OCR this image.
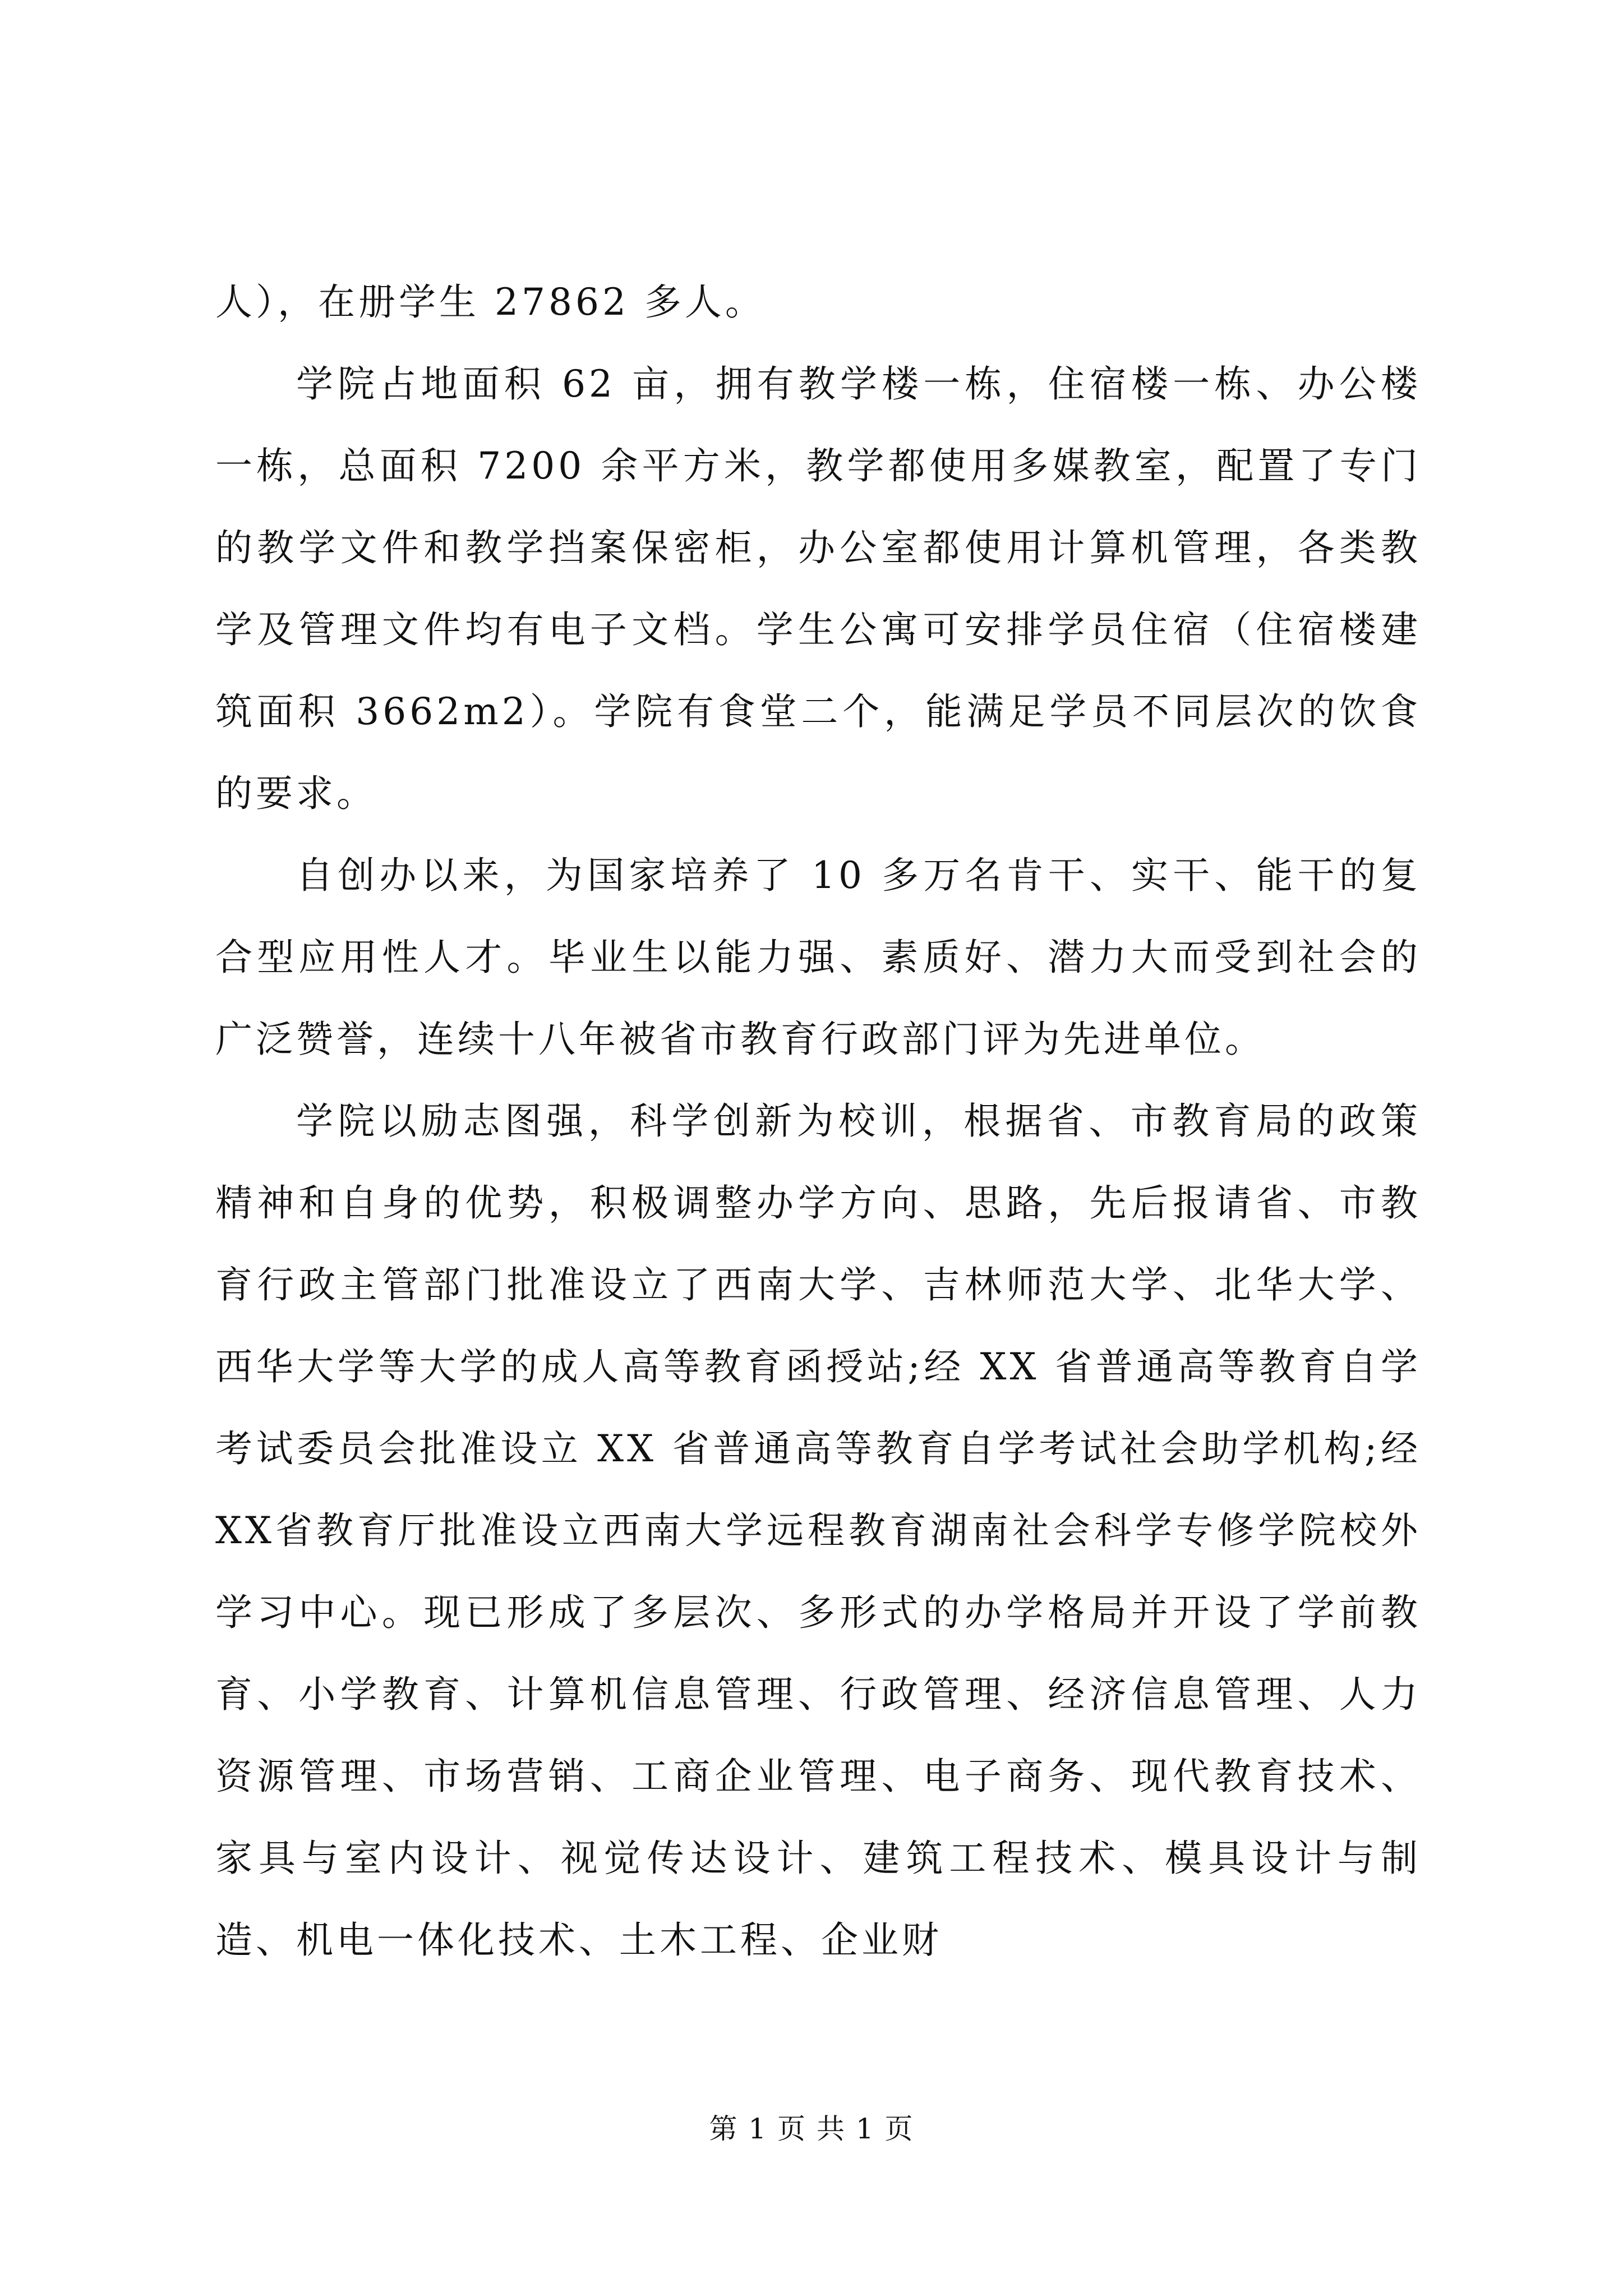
人），在册学生 27862 多人。

学院占地面积 62 亩，拥有教学楼一栋，住宿楼一栋、办公楼一栋，总面积 7200 余平方米，教学都使用多媒教室，配置了专门的教学文件和教学挡案保密柜，办公室都使用计算机管理，各类教学及管理文件均有电子文档。学生公寓可安排学员住宿（住宿楼建筑面积 3662m2）。学院有食堂二个，能满足学员不同层次的饮食的要求。

自创办以来，为国家培养了 10 多万名肯干、实干、能干的复合型应用性人才。毕业生以能力强、素质好、潜力大而受到社会的广泛赞誉，连续十八年被省市教育行政部门评为先进单位。

学院以励志图强，科学创新为校训，根据省、市教育局的政策精神和自身的优势，积极调整办学方向、思路，先后报请省、市教育行政主管部门批准设立了西南大学、吉林师范大学、北华大学、西华大学等大学的成人高等教育函授站;经 XX 省普通高等教育自学考试委员会批准设立 XX 省普通高等教育自学考试社会助学机构;经XX省教育厅批准设立西南大学远程教育湖南社会科学专修学院校外学习中心。现已形成了多层次、多形式的办学格局并开设了学前教育、小学教育、计算机信息管理、行政管理、经济信息管理、人力资源管理、市场营销、工商企业管理、电子商务、现代教育技术、家具与室内设计、视觉传达设计、建筑工程技术、模具设计与制造、机电一体化技术、土木工程、企业财

第 1 页 共 1 页
